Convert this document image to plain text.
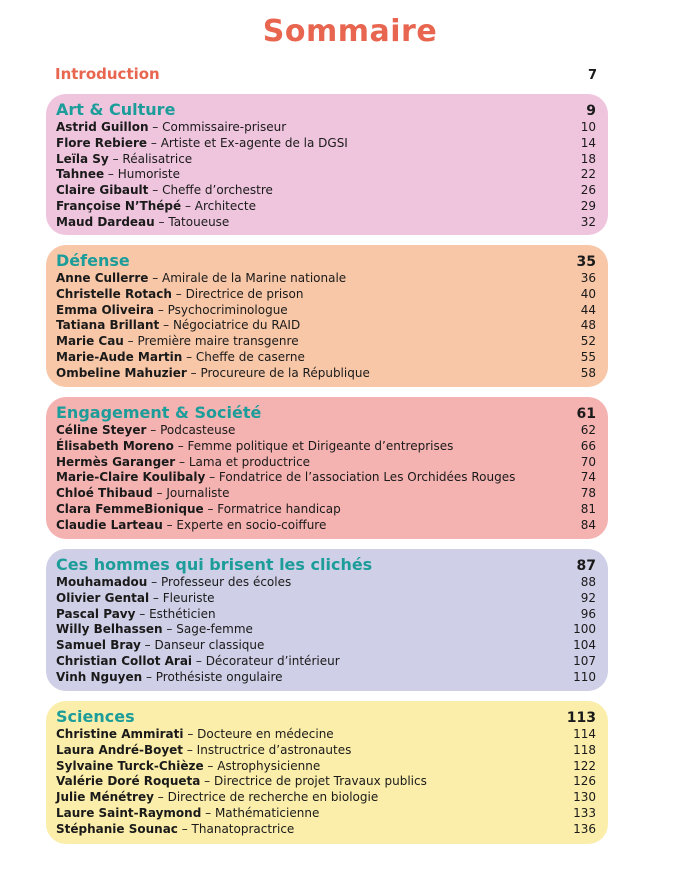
Sommaire
Introduction	7
Art & Culture	9
Astrid Guillon – Commissaire-priseur	10
Flore Rebiere – Artiste et Ex-agente de la DGSI	14
Leïla Sy – Réalisatrice	18
Tahnee – Humoriste	22
Claire Gibault – Cheffe d’orchestre	26
Françoise N’Thépé – Architecte	29
Maud Dardeau – Tatoueuse	32
Défense	35
Anne Cullerre – Amirale de la Marine nationale	36
Christelle Rotach – Directrice de prison	40
Emma Oliveira – Psychocriminologue	44
Tatiana Brillant – Négociatrice du RAID	48
Marie Cau – Première maire transgenre	52
Marie-Aude Martin – Cheffe de caserne	55
Ombeline Mahuzier – Procureure de la République	58
Engagement & Société	61
Céline Steyer – Podcasteuse	62
Élisabeth Moreno – Femme politique et Dirigeante d’entreprises	66
Hermès Garanger – Lama et productrice	70
Marie-Claire Koulibaly – Fondatrice de l’association Les Orchidées Rouges	74
Chloé Thibaud – Journaliste	78
Clara FemmeBionique – Formatrice handicap	81
Claudie Larteau – Experte en socio-coiffure	84
Ces hommes qui brisent les clichés	87
Mouhamadou – Professeur des écoles	88
Olivier Gental – Fleuriste	92
Pascal Pavy – Esthéticien	96
Willy Belhassen – Sage-femme	100
Samuel Bray – Danseur classique	104
Christian Collot Arai – Décorateur d’intérieur	107
Vinh Nguyen – Prothésiste ongulaire	110
Sciences	113
Christine Ammirati – Docteure en médecine	114
Laura André-Boyet – Instructrice d’astronautes	118
Sylvaine Turck-Chièze – Astrophysicienne	122
Valérie Doré Roqueta – Directrice de projet Travaux publics	126
Julie Ménétrey – Directrice de recherche en biologie	130
Laure Saint-Raymond – Mathématicienne	133
Stéphanie Sounac – Thanatopractrice	136
